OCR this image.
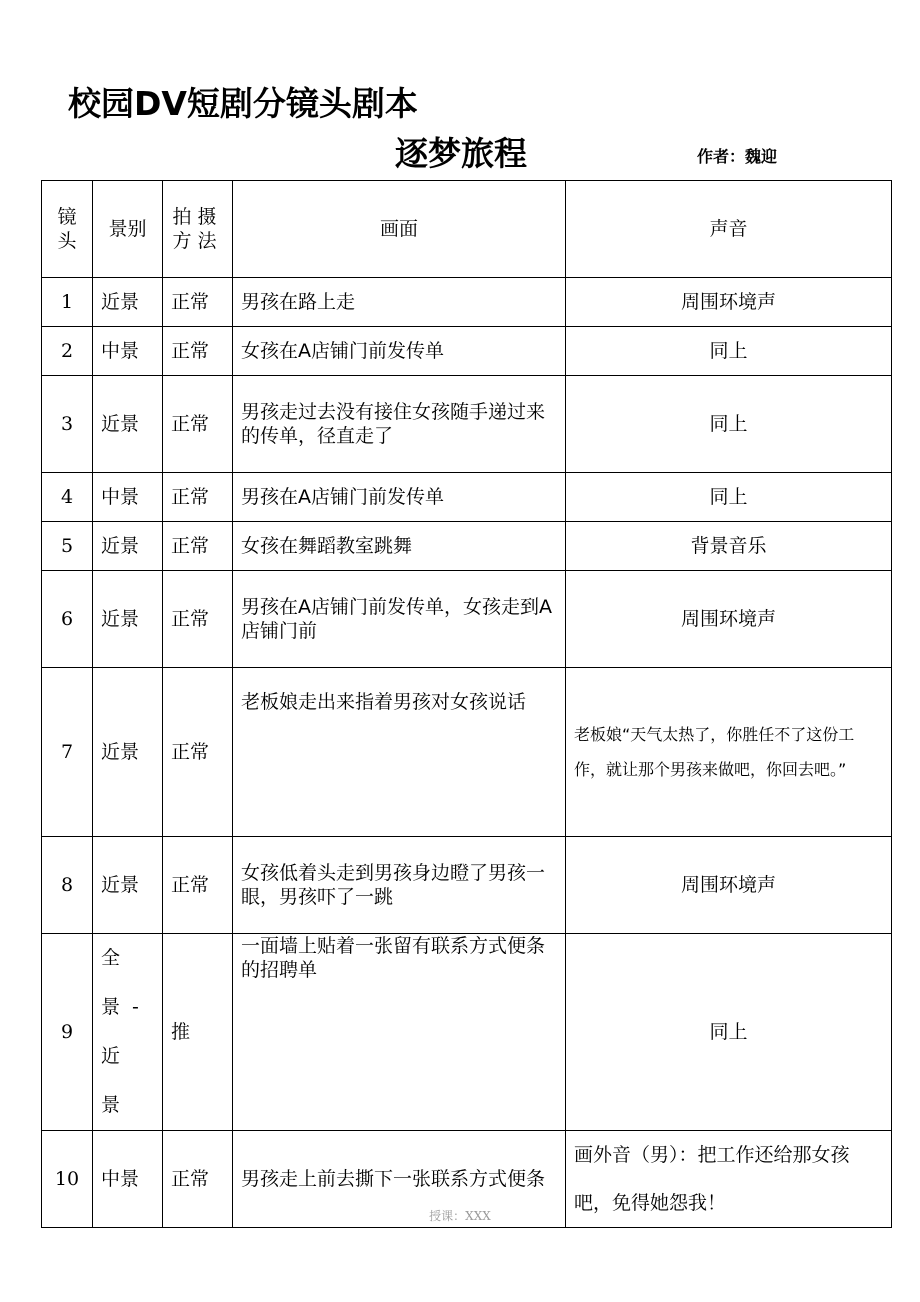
校园DV短剧分镜头剧本
逐梦旅程	作者：魏迎
镜头	景别	拍摄方法	画面	声音
1	近景	正常	男孩在路上走	周围环境声
2	中景	正常	女孩在A店铺门前发传单	同上
3	近景	正常	男孩走过去没有接住女孩随手递过来的传单，径直走了	同上
4	中景	正常	男孩在A店铺门前发传单	同上
5	近景	正常	女孩在舞蹈教室跳舞	背景音乐
6	近景	正常	男孩在A店铺门前发传单，女孩走到A店铺门前	周围环境声
7	近景	正常	老板娘走出来指着男孩对女孩说话	老板娘“天气太热了，你胜任不了这份工作，就让那个男孩来做吧，你回去吧。”
8	近景	正常	女孩低着头走到男孩身边瞪了男孩一眼，男孩吓了一跳	周围环境声
9	全景-近景	推	一面墙上贴着一张留有联系方式便条的招聘单	同上
10	中景	正常	男孩走上前去撕下一张联系方式便条	画外音（男）：把工作还给那女孩吧，免得她怨我！
授课：XXX
